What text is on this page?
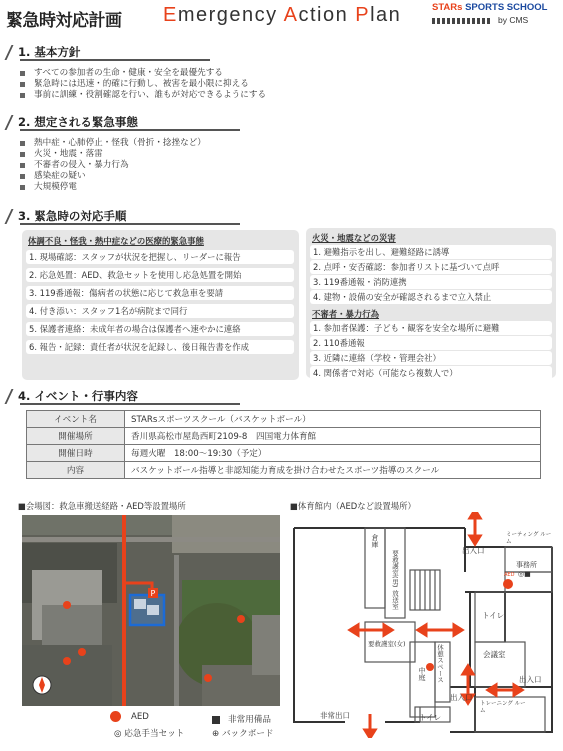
緊急時対応計画 Emergency Action Plan	STARs SPORTS SCHOOL
by CMS
1. 基本方針
すべての参加者の生命・健康・安全を最優先する
緊急時には迅速・的確に行動し、被害を最小限に抑える
事前に訓練・役割確認を行い、誰もが対応できるようにする
2. 想定される緊急事態
熱中症・心肺停止・怪我（骨折・捻挫など）
火災・地震・落雷
不審者の侵入・暴力行為
感染症の疑い
大規模停電
3. 緊急時の対応手順
体調不良・怪我・熱中症などの医療的緊急事態
1. 現場確認：スタッフが状況を把握し、リーダーに報告
2. 応急処置：AED、救急セットを使用し応急処置を開始
3. 119番通報：傷病者の状態に応じて救急車を要請
4. 付き添い：スタッフ1名が病院まで同行
5. 保護者連絡：未成年者の場合は保護者へ速やかに連絡
6. 報告・記録：責任者が状況を記録し、後日報告書を作成
火災・地震などの災害
1. 避難指示を出し、避難経路に誘導
2. 点呼・安否確認：参加者リストに基づいて点呼
3. 119番通報・消防連携
4. 建物・設備の安全が確認されるまで立入禁止
不審者・暴力行為
1. 参加者保護：子ども・観客を安全な場所に避難
2. 110番通報
3. 近隣に連絡（学校・管理会社）
4. 関係者で対応（可能なら複数人で）
4. イベント・行事内容
イベント名	STARsスポーツスクール（バスケットボール）
開催場所	香川県高松市屋島西町2109-8　四国電力体育館
開催日時	毎週火曜　18:00〜19:30（予定）
内容	バスケットボール指導と非認知能力育成を掛け合わせたスポーツ指導のスクール
■会場図：救急車搬送経路・AED等設置場所	■体育館内（AEDなど設置場所）
P
AED	非常用備品
◎ 応急手当セット	⊕ バックボード
出入口
ミーティング ルーム
事務所
◎■
AED
倉庫
要救護室(男)
放送室
トイレ
会議室
要救護室(女)
中庭 休憩スペース
出入口
出入口
非常出口	トイレ
トレーニング ルーム
